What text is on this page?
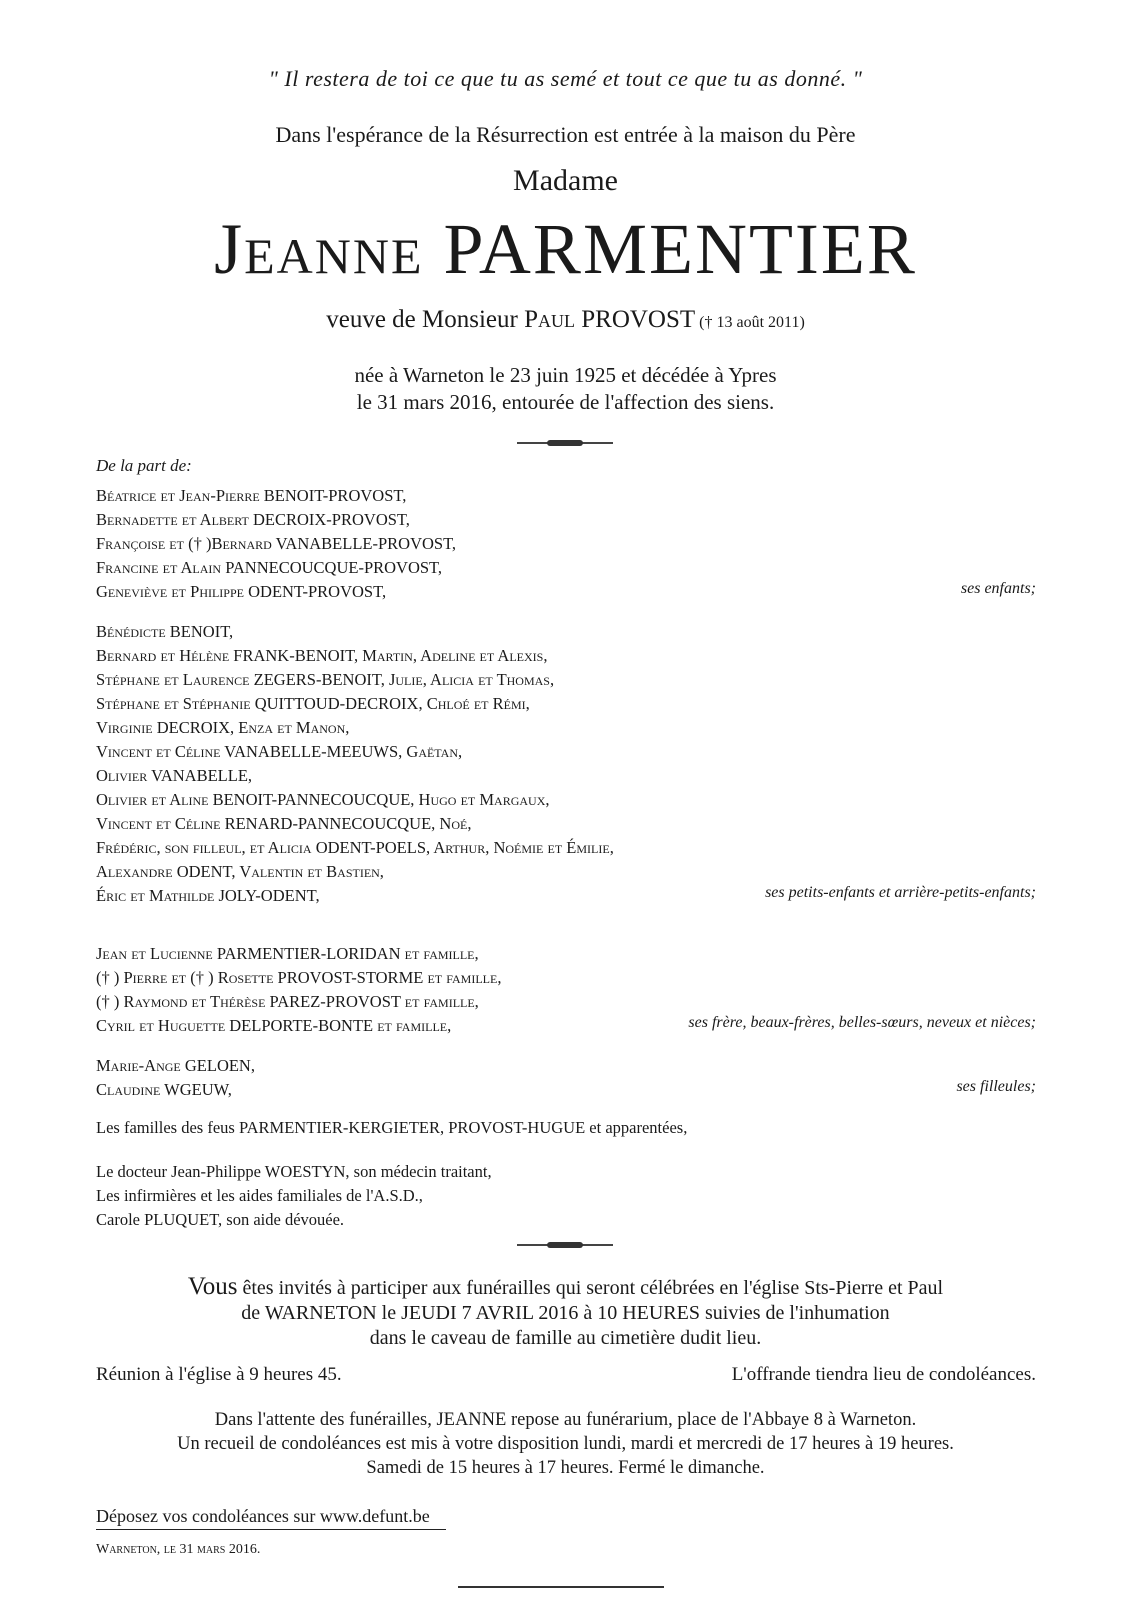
" Il restera de toi ce que tu as semé et tout ce que tu as donné. "
Dans l'espérance de la Résurrection est entrée à la maison du Père
Madame
Jeanne PARMENTIER
veuve de Monsieur Paul PROVOST († 13 août 2011)
née à Warneton le 23 juin 1925 et décédée à Ypres
le 31 mars 2016, entourée de l'affection des siens.
De la part de:
Béatrice et Jean-Pierre BENOIT-PROVOST,
Bernadette et Albert DECROIX-PROVOST,
Françoise et († )Bernard VANABELLE-PROVOST,
Francine et Alain PANNECOUCQUE-PROVOST,
Geneviève et Philippe ODENT-PROVOST,	ses enfants;
Bénédicte BENOIT,
Bernard et Hélène FRANK-BENOIT, Martin, Adeline et Alexis,
Stéphane et Laurence ZEGERS-BENOIT, Julie, Alicia et Thomas,
Stéphane et Stéphanie QUITTOUD-DECROIX, Chloé et Rémi,
Virginie DECROIX, Enza et Manon,
Vincent et Céline VANABELLE-MEEUWS, Gaëtan,
Olivier VANABELLE,
Olivier et Aline BENOIT-PANNECOUCQUE, Hugo et Margaux,
Vincent et Céline RENARD-PANNECOUCQUE, Noé,
Frédéric, son filleul, et Alicia ODENT-POELS, Arthur, Noémie et Émilie,
Alexandre ODENT, Valentin et Bastien,
Éric et Mathilde JOLY-ODENT,	ses petits-enfants et arrière-petits-enfants;
Jean et Lucienne PARMENTIER-LORIDAN et famille,
(† ) Pierre et († ) Rosette PROVOST-STORME et famille,
(† ) Raymond et Thérèse PAREZ-PROVOST et famille,
Cyril et Huguette DELPORTE-BONTE et famille,	ses frère, beaux-frères, belles-sœurs, neveux et nièces;
Marie-Ange GELOEN,
Claudine WGEUW,	ses filleules;
Les familles des feus PARMENTIER-KERGIETER, PROVOST-HUGUE et apparentées,
Le docteur Jean-Philippe WOESTYN, son médecin traitant,
Les infirmières et les aides familiales de l'A.S.D.,
Carole PLUQUET, son aide dévouée.
Vous êtes invités à participer aux funérailles qui seront célébrées en l'église Sts-Pierre et Paul
de WARNETON le JEUDI 7 AVRIL 2016 à 10 HEURES suivies de l'inhumation
dans le caveau de famille au cimetière dudit lieu.
Réunion à l'église à 9 heures 45.	L'offrande tiendra lieu de condoléances.
Dans l'attente des funérailles, JEANNE repose au funérarium, place de l'Abbaye 8 à Warneton.
Un recueil de condoléances est mis à votre disposition lundi, mardi et mercredi de 17 heures à 19 heures.
Samedi de 15 heures à 17 heures. Fermé le dimanche.
Déposez vos condoléances sur www.defunt.be
Warneton, le 31 mars 2016.
